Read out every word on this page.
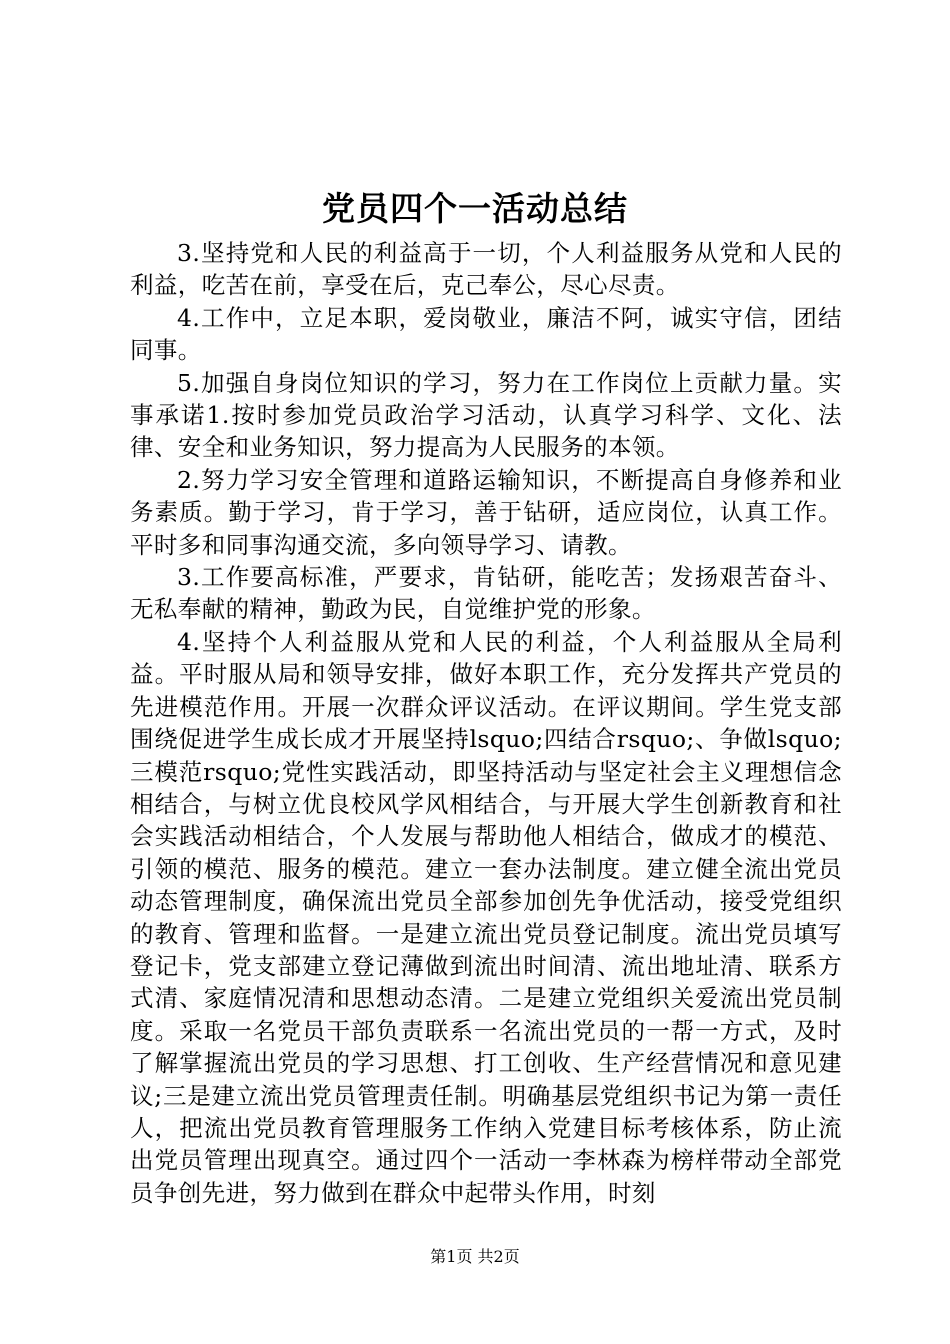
党员四个一活动总结

3.坚持党和人民的利益高于一切，个人利益服务从党和人民的利益，吃苦在前，享受在后，克己奉公，尽心尽责。

4.工作中，立足本职，爱岗敬业，廉洁不阿，诚实守信，团结同事。

5.加强自身岗位知识的学习，努力在工作岗位上贡献力量。实事承诺1.按时参加党员政治学习活动，认真学习科学、文化、法律、安全和业务知识，努力提高为人民服务的本领。

2.努力学习安全管理和道路运输知识，不断提高自身修养和业务素质。勤于学习，肯于学习，善于钻研，适应岗位，认真工作。平时多和同事沟通交流，多向领导学习、请教。

3.工作要高标准，严要求，肯钻研，能吃苦；发扬艰苦奋斗、无私奉献的精神，勤政为民，自觉维护党的形象。

4.坚持个人利益服从党和人民的利益，个人利益服从全局利益。平时服从局和领导安排，做好本职工作，充分发挥共产党员的先进模范作用。开展一次群众评议活动。在评议期间。学生党支部围绕促进学生成长成才开展坚持lsquo;四结合rsquo;、争做lsquo;三模范rsquo;党性实践活动，即坚持活动与坚定社会主义理想信念相结合，与树立优良校风学风相结合，与开展大学生创新教育和社会实践活动相结合，个人发展与帮助他人相结合，做成才的模范、引领的模范、服务的模范。建立一套办法制度。建立健全流出党员动态管理制度，确保流出党员全部参加创先争优活动，接受党组织的教育、管理和监督。一是建立流出党员登记制度。流出党员填写登记卡，党支部建立登记薄做到流出时间清、流出地址清、联系方式清、家庭情况清和思想动态清。二是建立党组织关爱流出党员制度。采取一名党员干部负责联系一名流出党员的一帮一方式，及时了解掌握流出党员的学习思想、打工创收、生产经营情况和意见建议;三是建立流出党员管理责任制。明确基层党组织书记为第一责任人，把流出党员教育管理服务工作纳入党建目标考核体系，防止流出党员管理出现真空。通过四个一活动一李林森为榜样带动全部党员争创先进，努力做到在群众中起带头作用，时刻

第1页 共2页
